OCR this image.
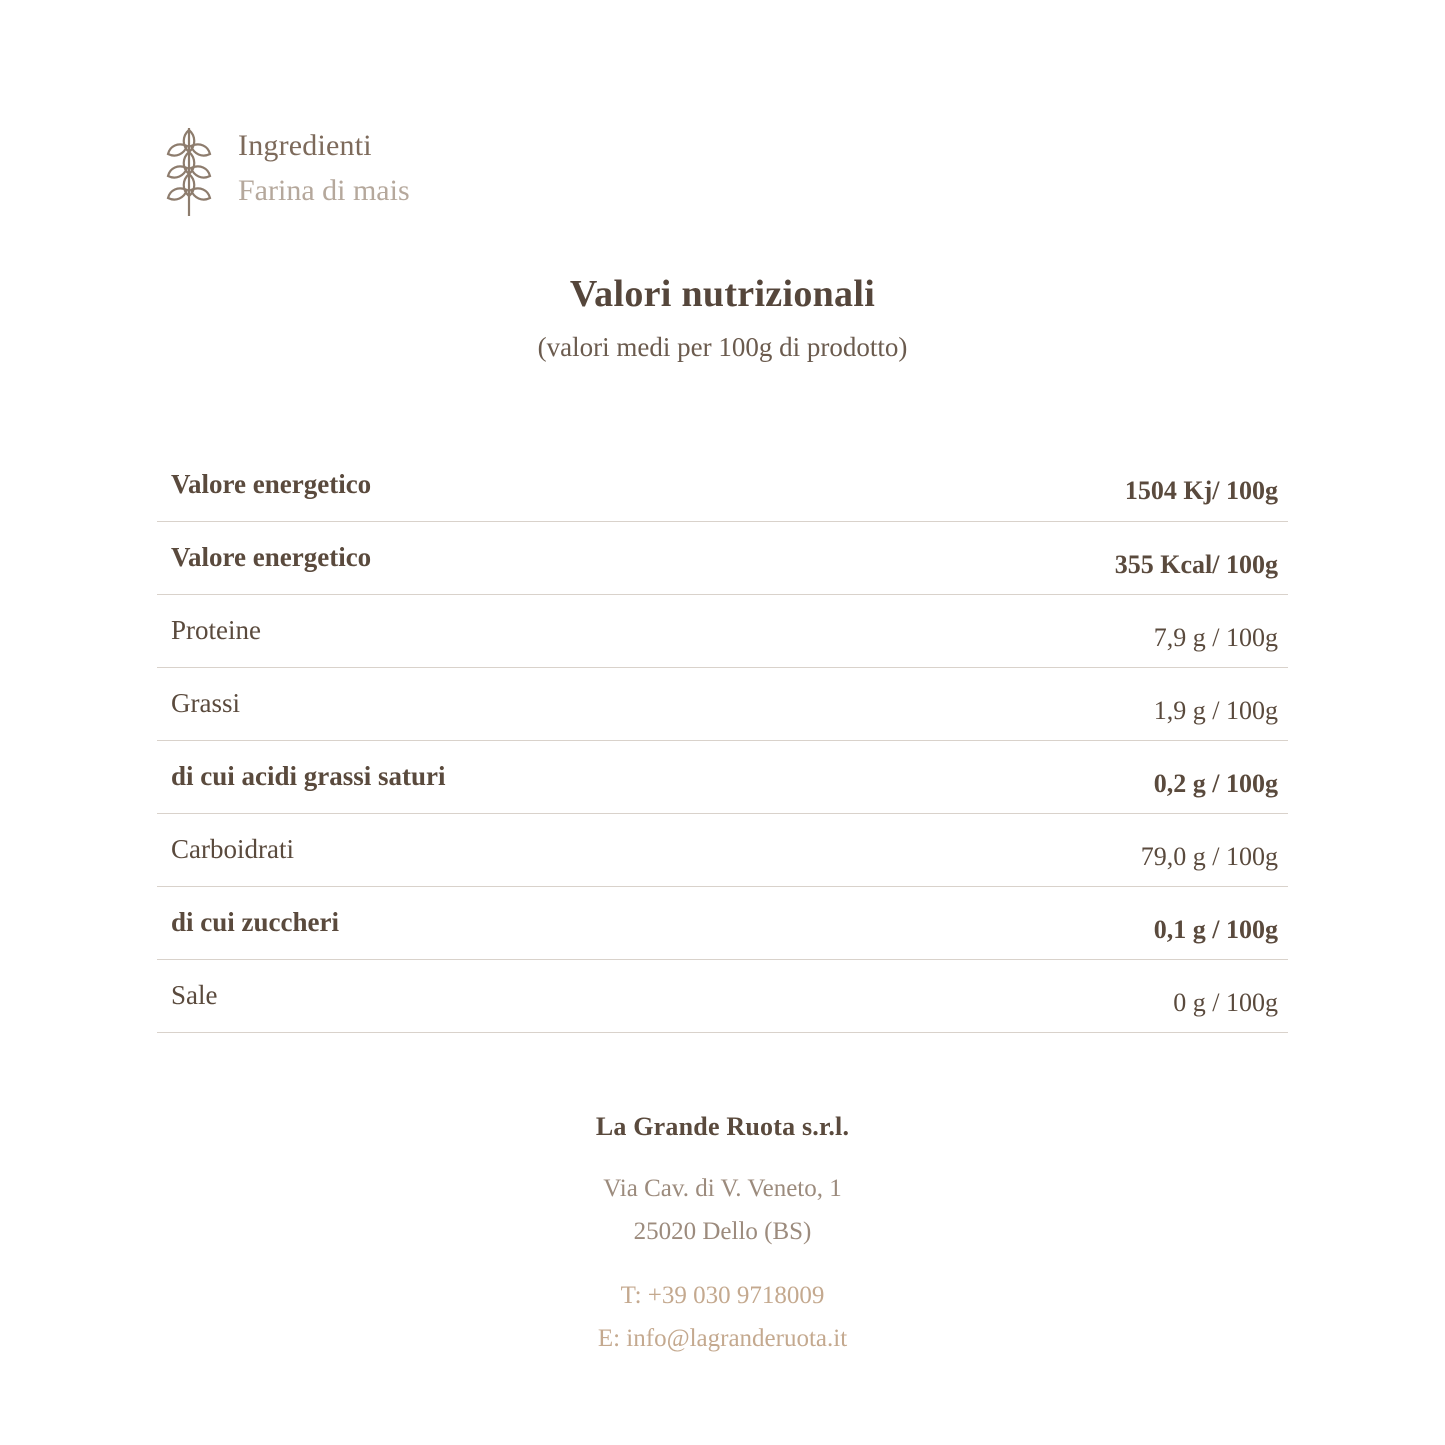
Ingredienti
Farina di mais
Valori nutrizionali
(valori medi per 100g di prodotto)
Valore energetico	1504 Kj/ 100g
Valore energetico	355 Kcal/ 100g
Proteine	7,9 g / 100g
Grassi	1,9 g / 100g
di cui acidi grassi saturi	0,2 g / 100g
Carboidrati	79,0 g / 100g
di cui zuccheri	0,1 g / 100g
Sale	0 g / 100g
La Grande Ruota s.r.l.
Via Cav. di V. Veneto, 1
25020 Dello (BS)
T: +39 030 9718009
E: info@lagranderuota.it
